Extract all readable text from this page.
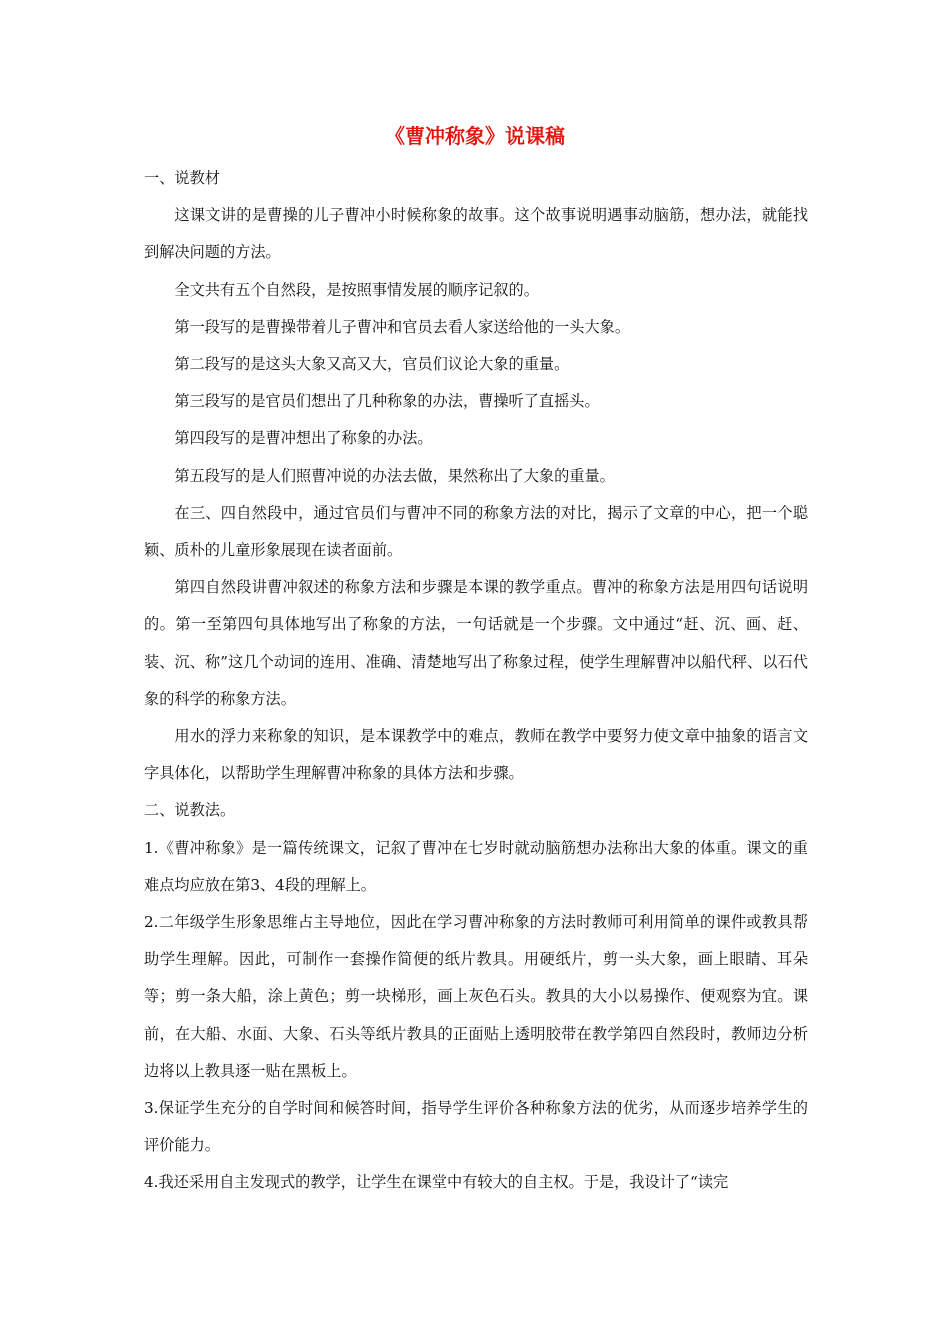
《曹冲称象》说课稿

一、说教材

这课文讲的是曹操的儿子曹冲小时候称象的故事。这个故事说明遇事动脑筋，想办法，就能找到解决问题的方法。

全文共有五个自然段，是按照事情发展的顺序记叙的。

第一段写的是曹操带着儿子曹冲和官员去看人家送给他的一头大象。

第二段写的是这头大象又高又大，官员们议论大象的重量。

第三段写的是官员们想出了几种称象的办法，曹操听了直摇头。

第四段写的是曹冲想出了称象的办法。

第五段写的是人们照曹冲说的办法去做，果然称出了大象的重量。

在三、四自然段中，通过官员们与曹冲不同的称象方法的对比，揭示了文章的中心，把一个聪颖、质朴的儿童形象展现在读者面前。

第四自然段讲曹冲叙述的称象方法和步骤是本课的教学重点。曹冲的称象方法是用四句话说明的。第一至第四句具体地写出了称象的方法，一句话就是一个步骤。文中通过“赶、沉、画、赶、装、沉、称”这几个动词的连用、准确、清楚地写出了称象过程，使学生理解曹冲以船代秤、以石代象的科学的称象方法。

用水的浮力来称象的知识，是本课教学中的难点，教师在教学中要努力使文章中抽象的语言文字具体化，以帮助学生理解曹冲称象的具体方法和步骤。

二、说教法。

1.《曹冲称象》是一篇传统课文，记叙了曹冲在七岁时就动脑筋想办法称出大象的体重。课文的重难点均应放在第3、4段的理解上。

2.二年级学生形象思维占主导地位，因此在学习曹冲称象的方法时教师可利用简单的课件或教具帮助学生理解。因此，可制作一套操作简便的纸片教具。用硬纸片，剪一头大象，画上眼睛、耳朵等；剪一条大船，涂上黄色；剪一块梯形，画上灰色石头。教具的大小以易操作、便观察为宜。课前，在大船、水面、大象、石头等纸片教具的正面贴上透明胶带在教学第四自然段时，教师边分析边将以上教具逐一贴在黑板上。

3.保证学生充分的自学时间和候答时间，指导学生评价各种称象方法的优劣，从而逐步培养学生的评价能力。

4.我还采用自主发现式的教学，让学生在课堂中有较大的自主权。于是，我设计了“读完
